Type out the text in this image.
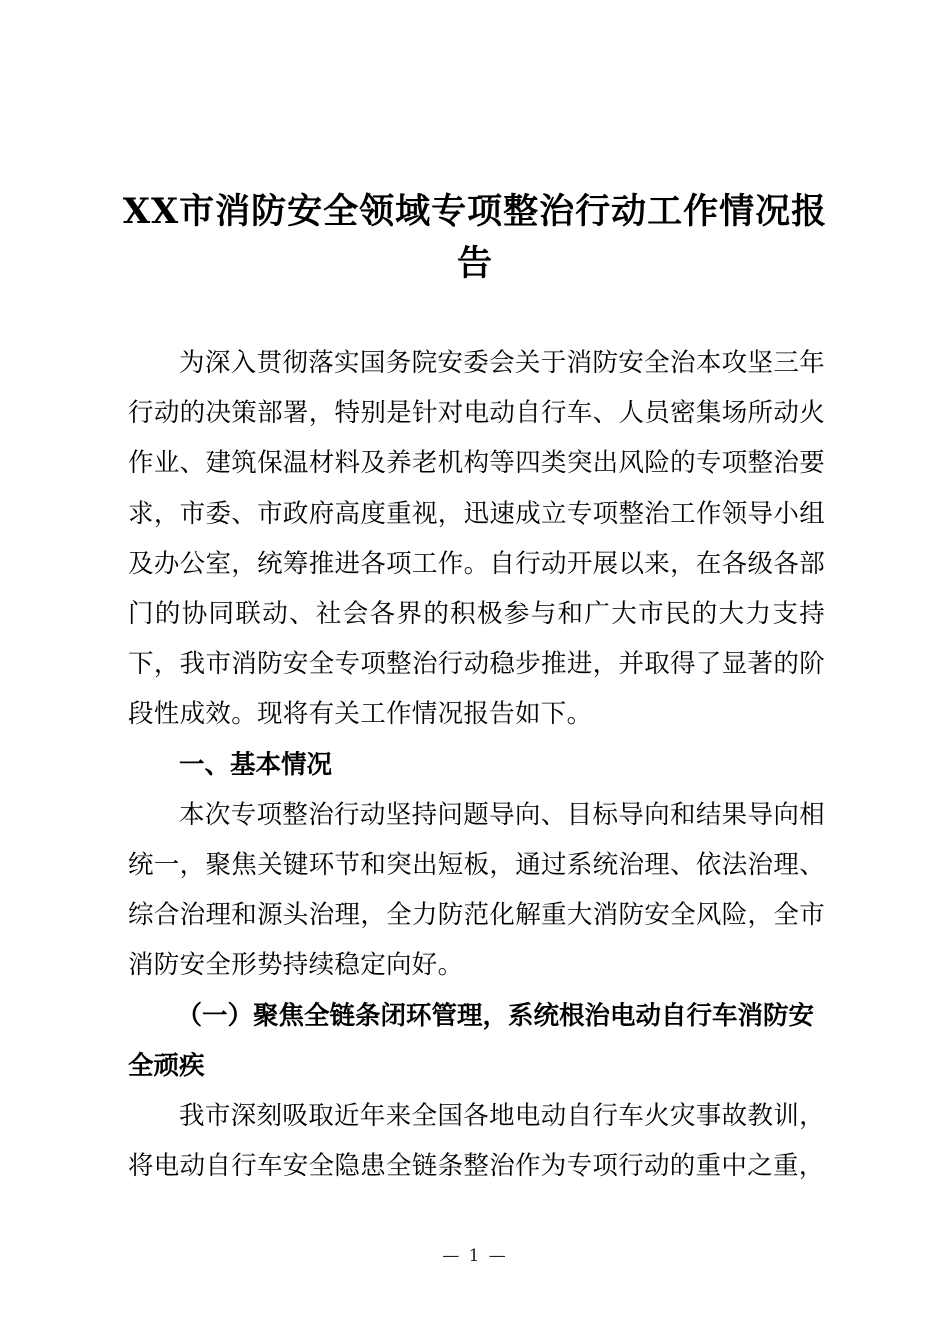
XX市消防安全领域专项整治行动工作情况报告

为深入贯彻落实国务院安委会关于消防安全治本攻坚三年行动的决策部署，特别是针对电动自行车、人员密集场所动火作业、建筑保温材料及养老机构等四类突出风险的专项整治要求，市委、市政府高度重视，迅速成立专项整治工作领导小组及办公室，统筹推进各项工作。自行动开展以来，在各级各部门的协同联动、社会各界的积极参与和广大市民的大力支持下，我市消防安全专项整治行动稳步推进，并取得了显著的阶段性成效。现将有关工作情况报告如下。

一、基本情况

本次专项整治行动坚持问题导向、目标导向和结果导向相统一，聚焦关键环节和突出短板，通过系统治理、依法治理、综合治理和源头治理，全力防范化解重大消防安全风险，全市消防安全形势持续稳定向好。

（一）聚焦全链条闭环管理，系统根治电动自行车消防安全顽疾

我市深刻吸取近年来全国各地电动自行车火灾事故教训，将电动自行车安全隐患全链条整治作为专项行动的重中之重，

— 1 —
